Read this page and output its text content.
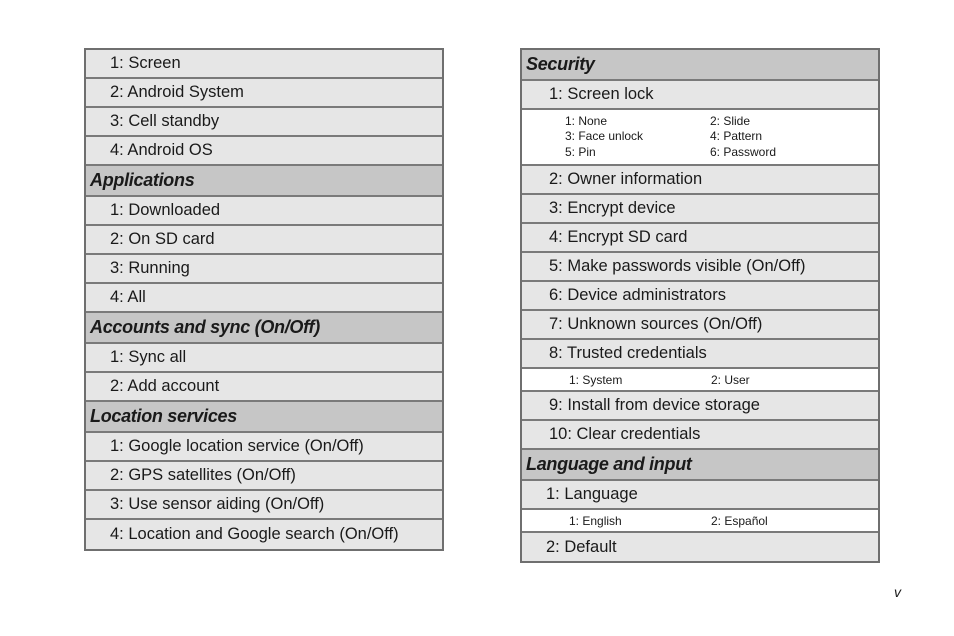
1: Screen
2: Android System
3: Cell standby
4: Android OS
Applications
1: Downloaded
2: On SD card
3: Running
4: All
Accounts and sync (On/Off)
1: Sync all
2: Add account
Location services
1: Google location service (On/Off)
2: GPS satellites (On/Off)
3: Use sensor aiding (On/Off)
4: Location and Google search (On/Off)
Security
1: Screen lock
1: None	2: Slide
3: Face unlock	4: Pattern
5: Pin	6: Password
2: Owner information
3: Encrypt device
4: Encrypt SD card
5: Make passwords visible (On/Off)
6: Device administrators
7: Unknown sources (On/Off)
8: Trusted credentials
1: System	2: User
9: Install from device storage
10: Clear credentials
Language and input
1: Language
1: English	2: Español
2: Default
v
